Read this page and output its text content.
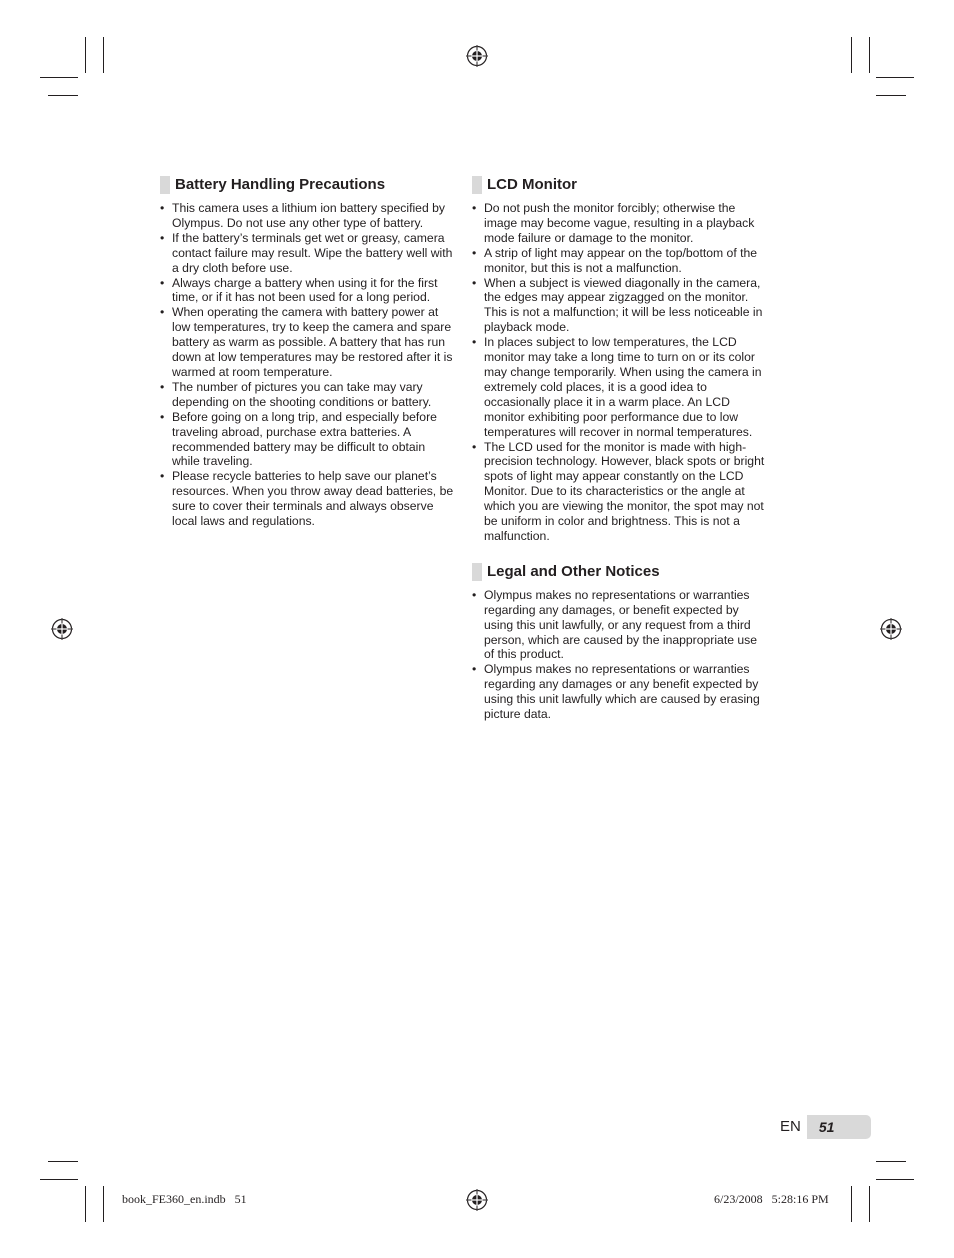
Battery Handling Precautions
• This camera uses a lithium ion battery specified by Olympus. Do not use any other type of battery.
• If the battery’s terminals get wet or greasy, camera contact failure may result. Wipe the battery well with a dry cloth before use.
• Always charge a battery when using it for the first time, or if it has not been used for a long period.
• When operating the camera with battery power at low temperatures, try to keep the camera and spare battery as warm as possible. A battery that has run down at low temperatures may be restored after it is warmed at room temperature.
• The number of pictures you can take may vary depending on the shooting conditions or battery.
• Before going on a long trip, and especially before traveling abroad, purchase extra batteries. A recommended battery may be difficult to obtain while traveling.
• Please recycle batteries to help save our planet’s resources. When you throw away dead batteries, be sure to cover their terminals and always observe local laws and regulations.
LCD Monitor
• Do not push the monitor forcibly; otherwise the image may become vague, resulting in a playback mode failure or damage to the monitor.
• A strip of light may appear on the top/bottom of the monitor, but this is not a malfunction.
• When a subject is viewed diagonally in the camera, the edges may appear zigzagged on the monitor. This is not a malfunction; it will be less noticeable in playback mode.
• In places subject to low temperatures, the LCD monitor may take a long time to turn on or its color may change temporarily. When using the camera in extremely cold places, it is a good idea to occasionally place it in a warm place. An LCD monitor exhibiting poor performance due to low temperatures will recover in normal temperatures.
• The LCD used for the monitor is made with high-precision technology. However, black spots or bright spots of light may appear constantly on the LCD Monitor. Due to its characteristics or the angle at which you are viewing the monitor, the spot may not be uniform in color and brightness. This is not a malfunction.
Legal and Other Notices
• Olympus makes no representations or warranties regarding any damages, or benefit expected by using this unit lawfully, or any request from a third person, which are caused by the inappropriate use of this product.
• Olympus makes no representations or warranties regarding any damages or any benefit expected by using this unit lawfully which are caused by erasing picture data.
EN	51
book_FE360_en.indb   51	6/23/2008   5:28:16 PM
